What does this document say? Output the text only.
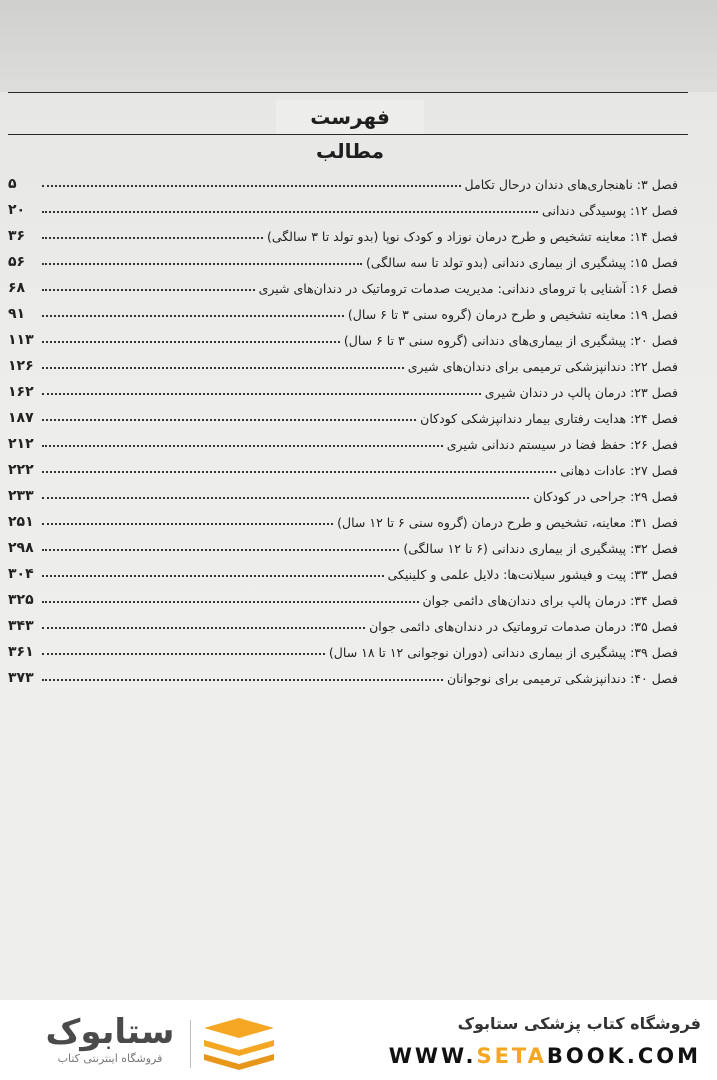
فهرست مطالب
۵	فصل ۳: ناهنجاری‌های دندان درحال تکامل
۲۰	فصل ۱۲: پوسیدگی دندانی
۳۶	فصل ۱۴: معاینه تشخیص و طرح درمان نوزاد و کودک نوپا (بدو تولد تا ۳ سالگی)
۵۶	فصل ۱۵: پیشگیری از بیماری دندانی (بدو تولد تا سه سالگی)
۶۸	فصل ۱۶: آشنایی با ترومای دندانی: مدیریت صدمات تروماتیک در دندان‌های شیری
۹۱	فصل ۱۹: معاینه تشخیص و طرح درمان (گروه سنی ۳ تا ۶ سال)
۱۱۳	فصل ۲۰: پیشگیری از بیماری‌های دندانی (گروه سنی ۳ تا ۶ سال)
۱۲۶	فصل ۲۲: دندانپزشکی ترمیمی برای دندان‌های شیری
۱۶۲	فصل ۲۳: درمان پالپ در دندان شیری
۱۸۷	فصل ۲۴: هدایت رفتاری بیمار دندانپزشکی کودکان
۲۱۲	فصل ۲۶: حفظ فضا در سیستم دندانی شیری
۲۲۲	فصل ۲۷: عادات دهانی
۲۳۳	فصل ۲۹: جراحی در کودکان
۲۵۱	فصل ۳۱: معاینه، تشخیص و طرح درمان (گروه سنی ۶ تا ۱۲ سال)
۲۹۸	فصل ۳۲: پیشگیری از بیماری دندانی (۶ تا ۱۲ سالگی)
۳۰۴	فصل ۳۳: پیت و فیشور سیلانت‌ها: دلایل علمی و کلینیکی
۳۲۵	فصل ۳۴: درمان پالپ برای دندان‌های دائمی جوان
۳۴۳	فصل ۳۵: درمان صدمات تروماتیک در دندان‌های دائمی جوان
۳۶۱	فصل ۳۹: پیشگیری از بیماری دندانی (دوران نوجوانی ۱۲ تا ۱۸ سال)
۳۷۳	فصل ۴۰: دندانپزشکی ترمیمی برای نوجوانان
ستابوک
فروشگاه اینترنتی کتاب
فروشگاه کتاب پزشکی ستابوک
WWW.SETABOOK.COM
